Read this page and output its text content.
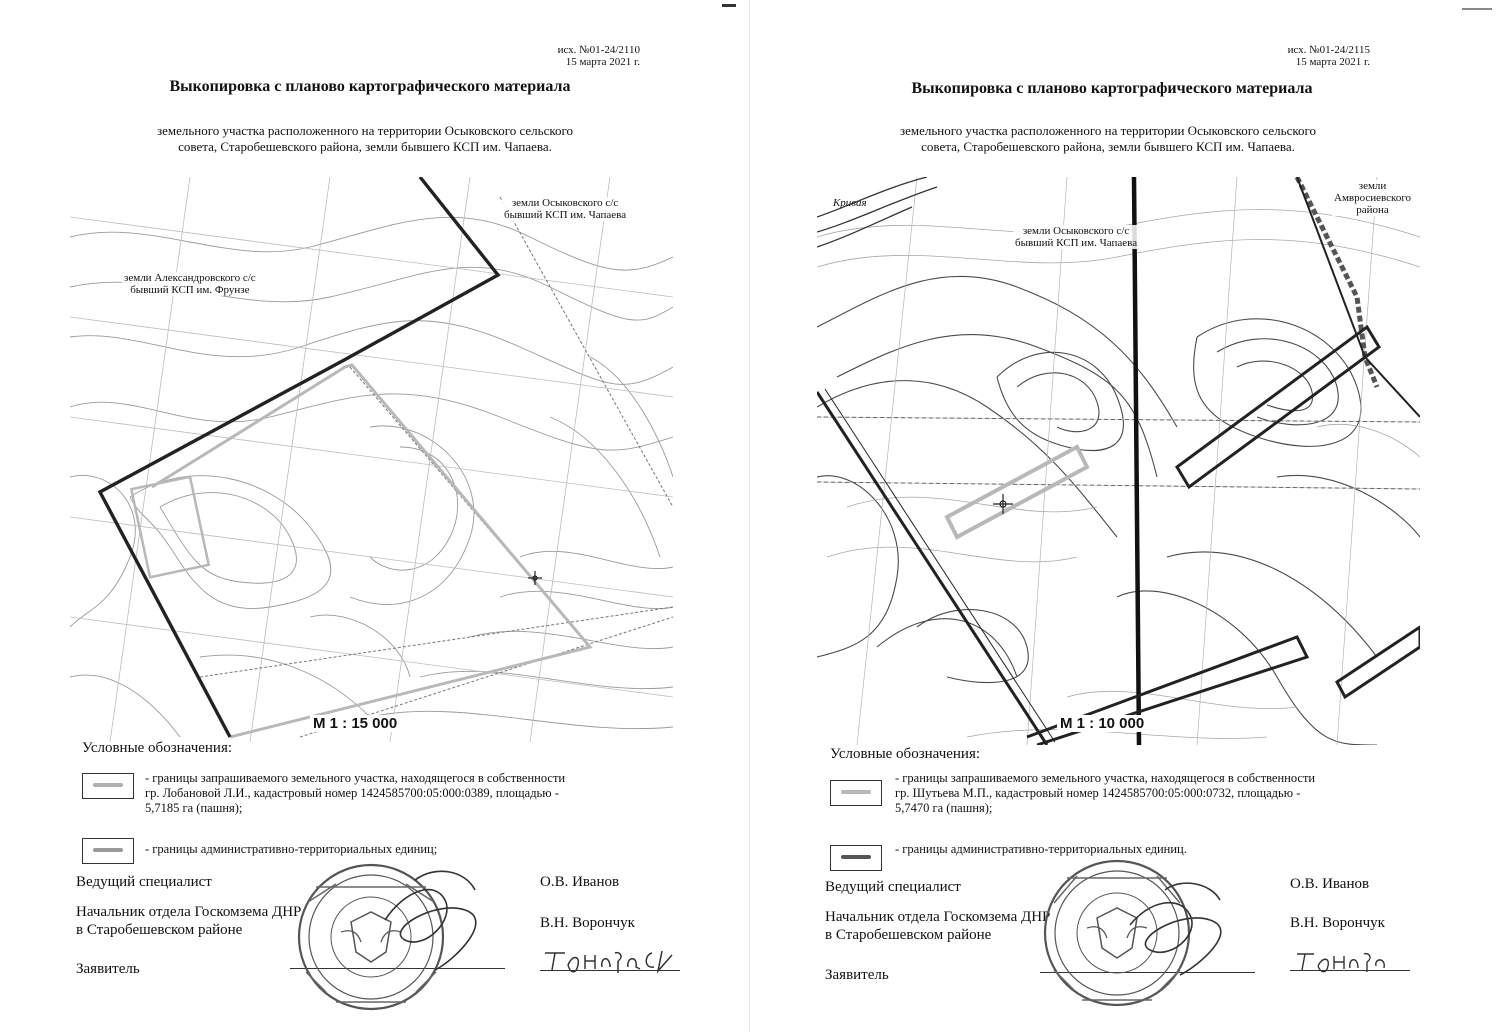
исх. №01-24/2110
15 марта 2021 г.
Выкопировка с планово картографического материала
земельного участка расположенного на территории Осыковского сельского
совета, Старобешевского района, земли бывшего КСП им. Чапаева.
земли Осыковского с/с
бывший КСП им. Чапаева
земли Александровского с/с
бывший КСП им. Фрунзе
М 1 : 15 000
Условные обозначения:
- границы запрашиваемого земельного участка, находящегося в собственности
гр. Лобановой Л.И., кадастровый номер 1424585700:05:000:0389, площадью -
5,7185 га (пашня);
- границы административно-территориальных единиц;
Ведущий специалист	О.В. Иванов
Начальник отдела Госкомзема ДНР
в Старобешевском районе	В.Н. Ворончук
Заявитель
исх. №01-24/2115
15 марта 2021 г.
Выкопировка с планово картографического материала
земельного участка расположенного на территории Осыковского сельского
совета, Старобешевского района, земли бывшего КСП им. Чапаева.
Кривая
земли Осыковского с/с
бывший КСП им. Чапаева
земли
Амвросиевского
района
М 1 : 10 000
Условные обозначения:
- границы запрашиваемого земельного участка, находящегося в собственности
гр. Шутьева М.П., кадастровый номер 1424585700:05:000:0732, площадью -
5,7470 га (пашня);
- границы административно-территориальных единиц.
Ведущий специалист	О.В. Иванов
Начальник отдела Госкомзема ДНР
в Старобешевском районе
В.Н. Ворончук
Заявитель
